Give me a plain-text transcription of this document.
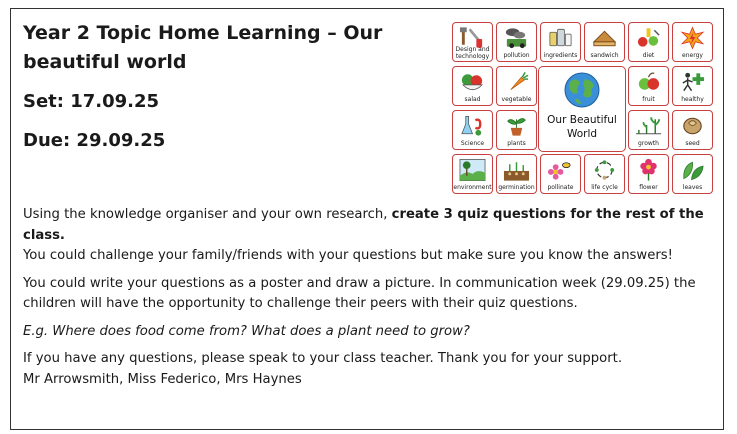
Year 2 Topic Home Learning – Our beautiful world
Set: 17.09.25
Due: 29.09.25
Design and technology	pollution	ingredients	sandwich	diet	energy
salad	vegetable	fruit	healthy
Science	plants	growth	seed
environment germination	pollinate	life cycle	flower	leaves
Our Beautiful World

Using the knowledge organiser and your own research, create 3 quiz questions for the rest of the class.

You could challenge your family/friends with your questions but make sure you know the answers!

You could write your questions as a poster and draw a picture. In communication week (29.09.25) the children will have the opportunity to challenge their peers with their quiz questions.

E.g. Where does food come from? What does a plant need to grow?

If you have any questions, please speak to your class teacher. Thank you for your support.

Mr Arrowsmith, Miss Federico, Mrs Haynes
